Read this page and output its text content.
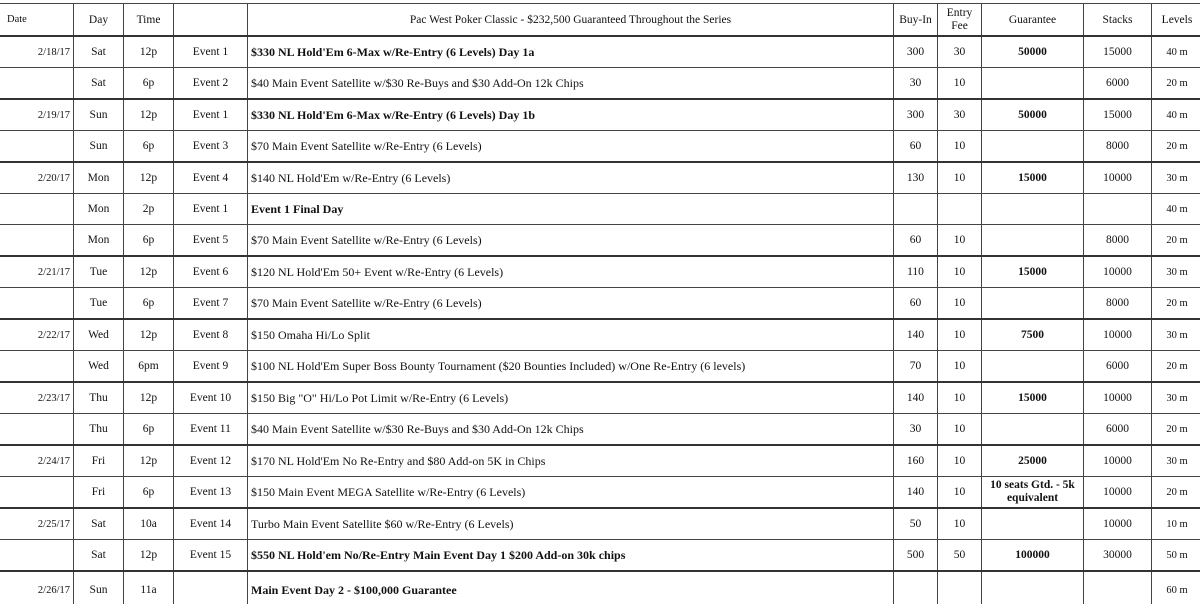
Date	Day	Time		Pac West Poker Classic - $232,500 Guaranteed Throughout the Series	Buy-In	Entry Fee	Guarantee	Stacks	Levels
2/18/17	Sat	12p	Event 1	$330 NL Hold'Em 6-Max w/Re-Entry (6 Levels) Day 1a	300	30	50000	15000	40 m
	Sat	6p	Event 2	$40 Main Event Satellite w/$30 Re-Buys and $30 Add-On 12k Chips	30	10		6000	20 m
2/19/17	Sun	12p	Event 1	$330 NL Hold'Em 6-Max w/Re-Entry (6 Levels) Day 1b	300	30	50000	15000	40 m
	Sun	6p	Event 3	$70 Main Event Satellite w/Re-Entry (6 Levels)	60	10		8000	20 m
2/20/17	Mon	12p	Event 4	$140 NL Hold'Em w/Re-Entry (6 Levels)	130	10	15000	10000	30 m
	Mon	2p	Event 1	Event 1 Final Day					40 m
	Mon	6p	Event 5	$70 Main Event Satellite w/Re-Entry (6 Levels)	60	10		8000	20 m
2/21/17	Tue	12p	Event 6	$120 NL Hold'Em 50+ Event w/Re-Entry (6 Levels)	110	10	15000	10000	30 m
	Tue	6p	Event 7	$70 Main Event Satellite w/Re-Entry (6 Levels)	60	10		8000	20 m
2/22/17	Wed	12p	Event 8	$150 Omaha Hi/Lo Split	140	10	7500	10000	30 m
	Wed	6pm	Event 9	$100 NL Hold'Em Super Boss Bounty Tournament ($20 Bounties Included) w/One Re-Entry (6 levels)	70	10		6000	20 m
2/23/17	Thu	12p	Event 10	$150 Big "O" Hi/Lo Pot Limit w/Re-Entry (6 Levels)	140	10	15000	10000	30 m
	Thu	6p	Event 11	$40 Main Event Satellite w/$30 Re-Buys and $30 Add-On 12k Chips	30	10		6000	20 m
2/24/17	Fri	12p	Event 12	$170 NL Hold'Em No Re-Entry and $80 Add-on 5K in Chips	160	10	25000	10000	30 m
	Fri	6p	Event 13	$150 Main Event MEGA Satellite w/Re-Entry (6 Levels)	140	10	10 seats Gtd. - 5k equivalent	10000	20 m
2/25/17	Sat	10a	Event 14	Turbo Main Event Satellite $60 w/Re-Entry (6 Levels)	50	10		10000	10 m
	Sat	12p	Event 15	$550 NL Hold'em No/Re-Entry Main Event Day 1 $200 Add-on 30k chips	500	50	100000	30000	50 m
2/26/17	Sun	11a		Main Event Day 2 - $100,000 Guarantee					60 m
